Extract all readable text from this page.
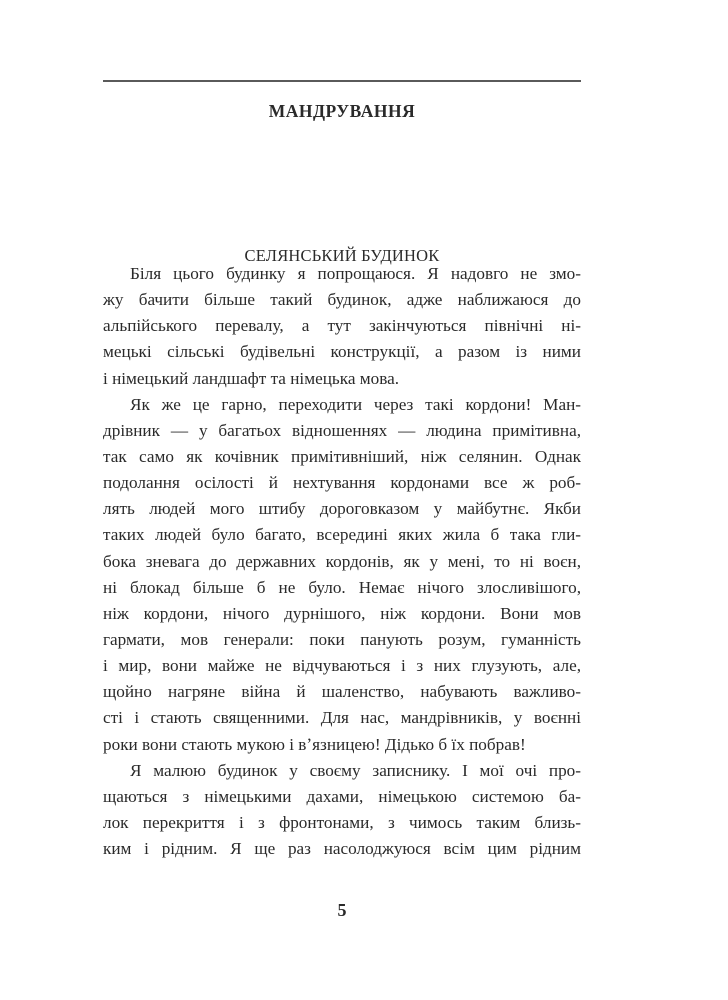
МАНДРУВАННЯ
СЕЛЯНСЬКИЙ БУДИНОК
Біля цього будинку я попрощаюся. Я надовго не змо-
жу бачити більше такий будинок, адже наближаюся до
альпійського перевалу, а тут закінчуються північні ні-
мецькі сільські будівельні конструкції, а разом із ними
і німецький ландшафт та німецька мова.
Як же це гарно, переходити через такі кордони! Ман-
дрівник — у багатьох відношеннях — людина примітивна,
так само як кочівник примітивніший, ніж селянин. Однак
подолання осілості й нехтування кордонами все ж роб-
лять людей мого штибу дороговказом у майбутнє. Якби
таких людей було багато, всередині яких жила б така гли-
бока зневага до державних кордонів, як у мені, то ні воєн,
ні блокад більше б не було. Немає нічого злосливішого,
ніж кордони, нічого дурнішого, ніж кордони. Вони мов
гармати, мов генерали: поки панують розум, гуманність
і мир, вони майже не відчуваються і з них глузують, але,
щойно нагряне війна й шаленство, набувають важливо-
сті і стають священними. Для нас, мандрівників, у воєнні
роки вони стають мукою і вʼязницею! Дідько б їх побрав!
Я малюю будинок у своєму записнику. І мої очі про-
щаються з німецькими дахами, німецькою системою ба-
лок перекриття і з фронтонами, з чимось таким близь-
ким і рідним. Я ще раз насолоджуюся всім цим рідним
5
